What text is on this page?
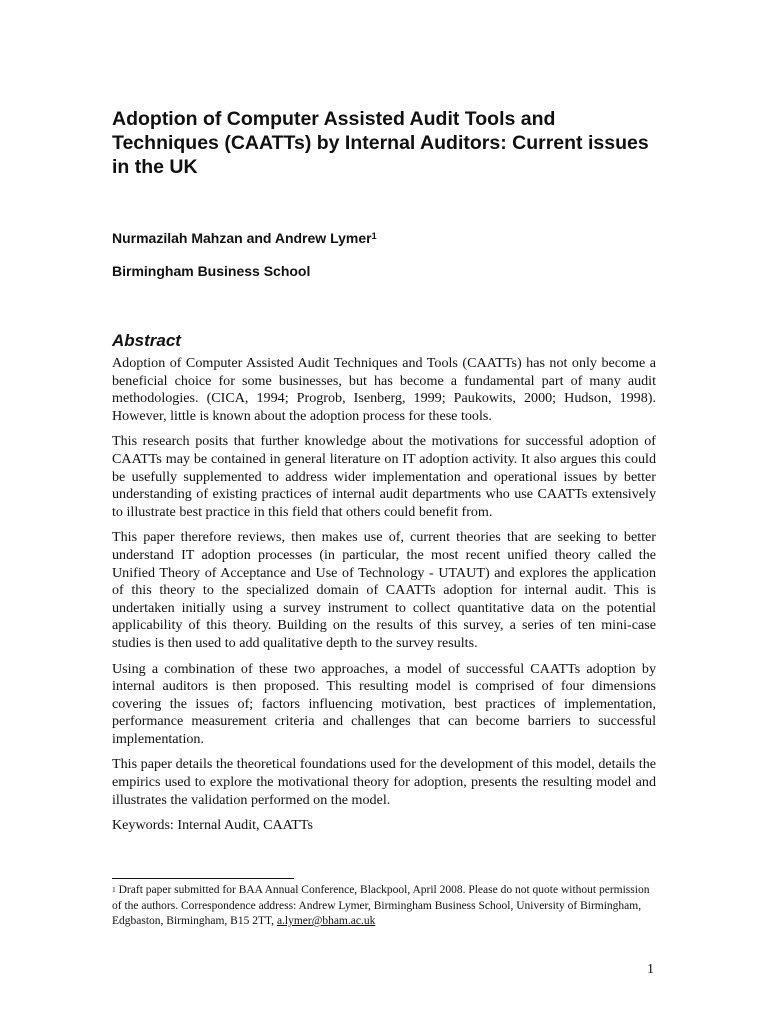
Adoption of Computer Assisted Audit Tools and Techniques (CAATTs) by Internal Auditors: Current issues in the UK
Nurmazilah Mahzan and Andrew Lymer$^1$
Birmingham Business School
Abstract

Adoption of Computer Assisted Audit Techniques and Tools (CAATTs) has not only become a beneficial choice for some businesses, but has become a fundamental part of many audit methodologies. (CICA, 1994; Progrob, Isenberg, 1999; Paukowits, 2000; Hudson, 1998). However, little is known about the adoption process for these tools.

This research posits that further knowledge about the motivations for successful adoption of CAATTs may be contained in general literature on IT adoption activity. It also argues this could be usefully supplemented to address wider implementation and operational issues by better understanding of existing practices of internal audit departments who use CAATTs extensively to illustrate best practice in this field that others could benefit from.

This paper therefore reviews, then makes use of, current theories that are seeking to better understand IT adoption processes (in particular, the most recent unified theory called the Unified Theory of Acceptance and Use of Technology - UTAUT) and explores the application of this theory to the specialized domain of CAATTs adoption for internal audit. This is undertaken initially using a survey instrument to collect quantitative data on the potential applicability of this theory. Building on the results of this survey, a series of ten mini-case studies is then used to add qualitative depth to the survey results.

Using a combination of these two approaches, a model of successful CAATTs adoption by internal auditors is then proposed. This resulting model is comprised of four dimensions covering the issues of; factors influencing motivation, best practices of implementation, performance measurement criteria and challenges that can become barriers to successful implementation.

This paper details the theoretical foundations used for the development of this model, details the empirics used to explore the motivational theory for adoption, presents the resulting model and illustrates the validation performed on the model.

Keywords: Internal Audit, CAATTs

$^1$ Draft paper submitted for BAA Annual Conference, Blackpool, April 2008. Please do not quote without permission of the authors. Correspondence address: Andrew Lymer, Birmingham Business School, University of Birmingham, Edgbaston, Birmingham, B15 2TT, a.lymer@bham.ac.uk
1
